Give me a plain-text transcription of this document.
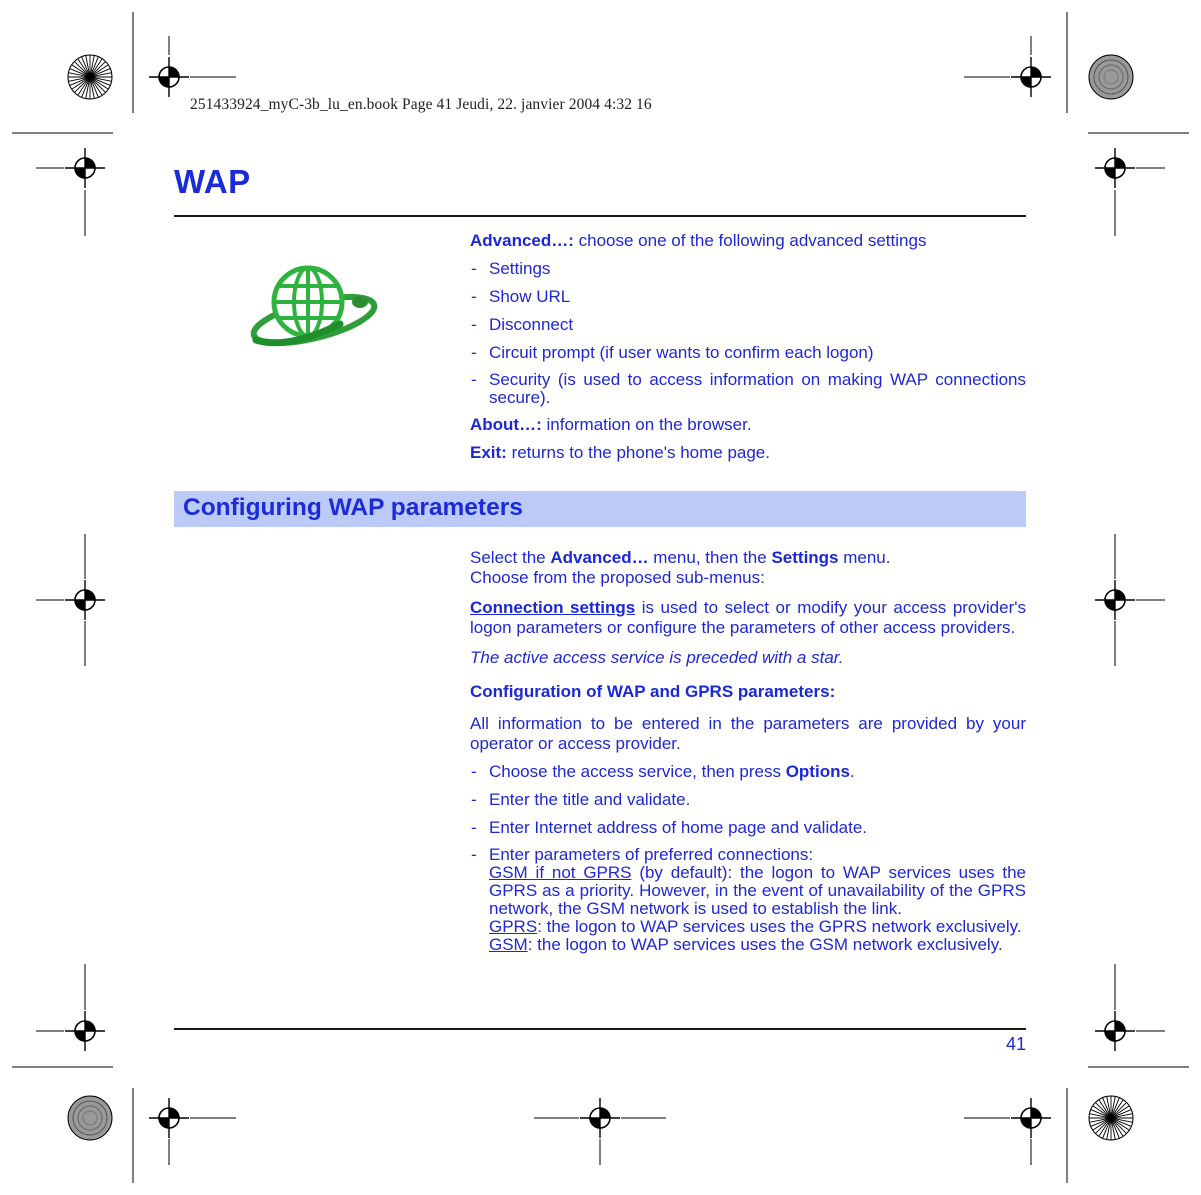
251433924_myC-3b_lu_en.book Page 41 Jeudi, 22. janvier 2004 4:32 16
WAP

Advanced…: choose one of the following advanced settings

- Settings
- Show URL
- Disconnect
- Circuit prompt (if user wants to confirm each logon)
- Security (is used to access information on making WAP connections secure).

About…: information on the browser.

Exit: returns to the phone's home page.

Configuring WAP parameters

Select the Advanced… menu, then the Settings menu.

Choose from the proposed sub-menus:

Connection settings is used to select or modify your access provider's logon parameters or configure the parameters of other access providers.

The active access service is preceded with a star.

Configuration of WAP and GPRS parameters:

All information to be entered in the parameters are provided by your operator or access provider.

- Choose the access service, then press Options.
- Enter the title and validate.
- Enter Internet address of home page and validate.
- Enter parameters of preferred connections:
GSM if not GPRS (by default): the logon to WAP services uses the GPRS as a priority. However, in the event of unavailability of the GPRS network, the GSM network is used to establish the link.
GPRS: the logon to WAP services uses the GPRS network exclusively.
GSM: the logon to WAP services uses the GSM network exclusively.
41
